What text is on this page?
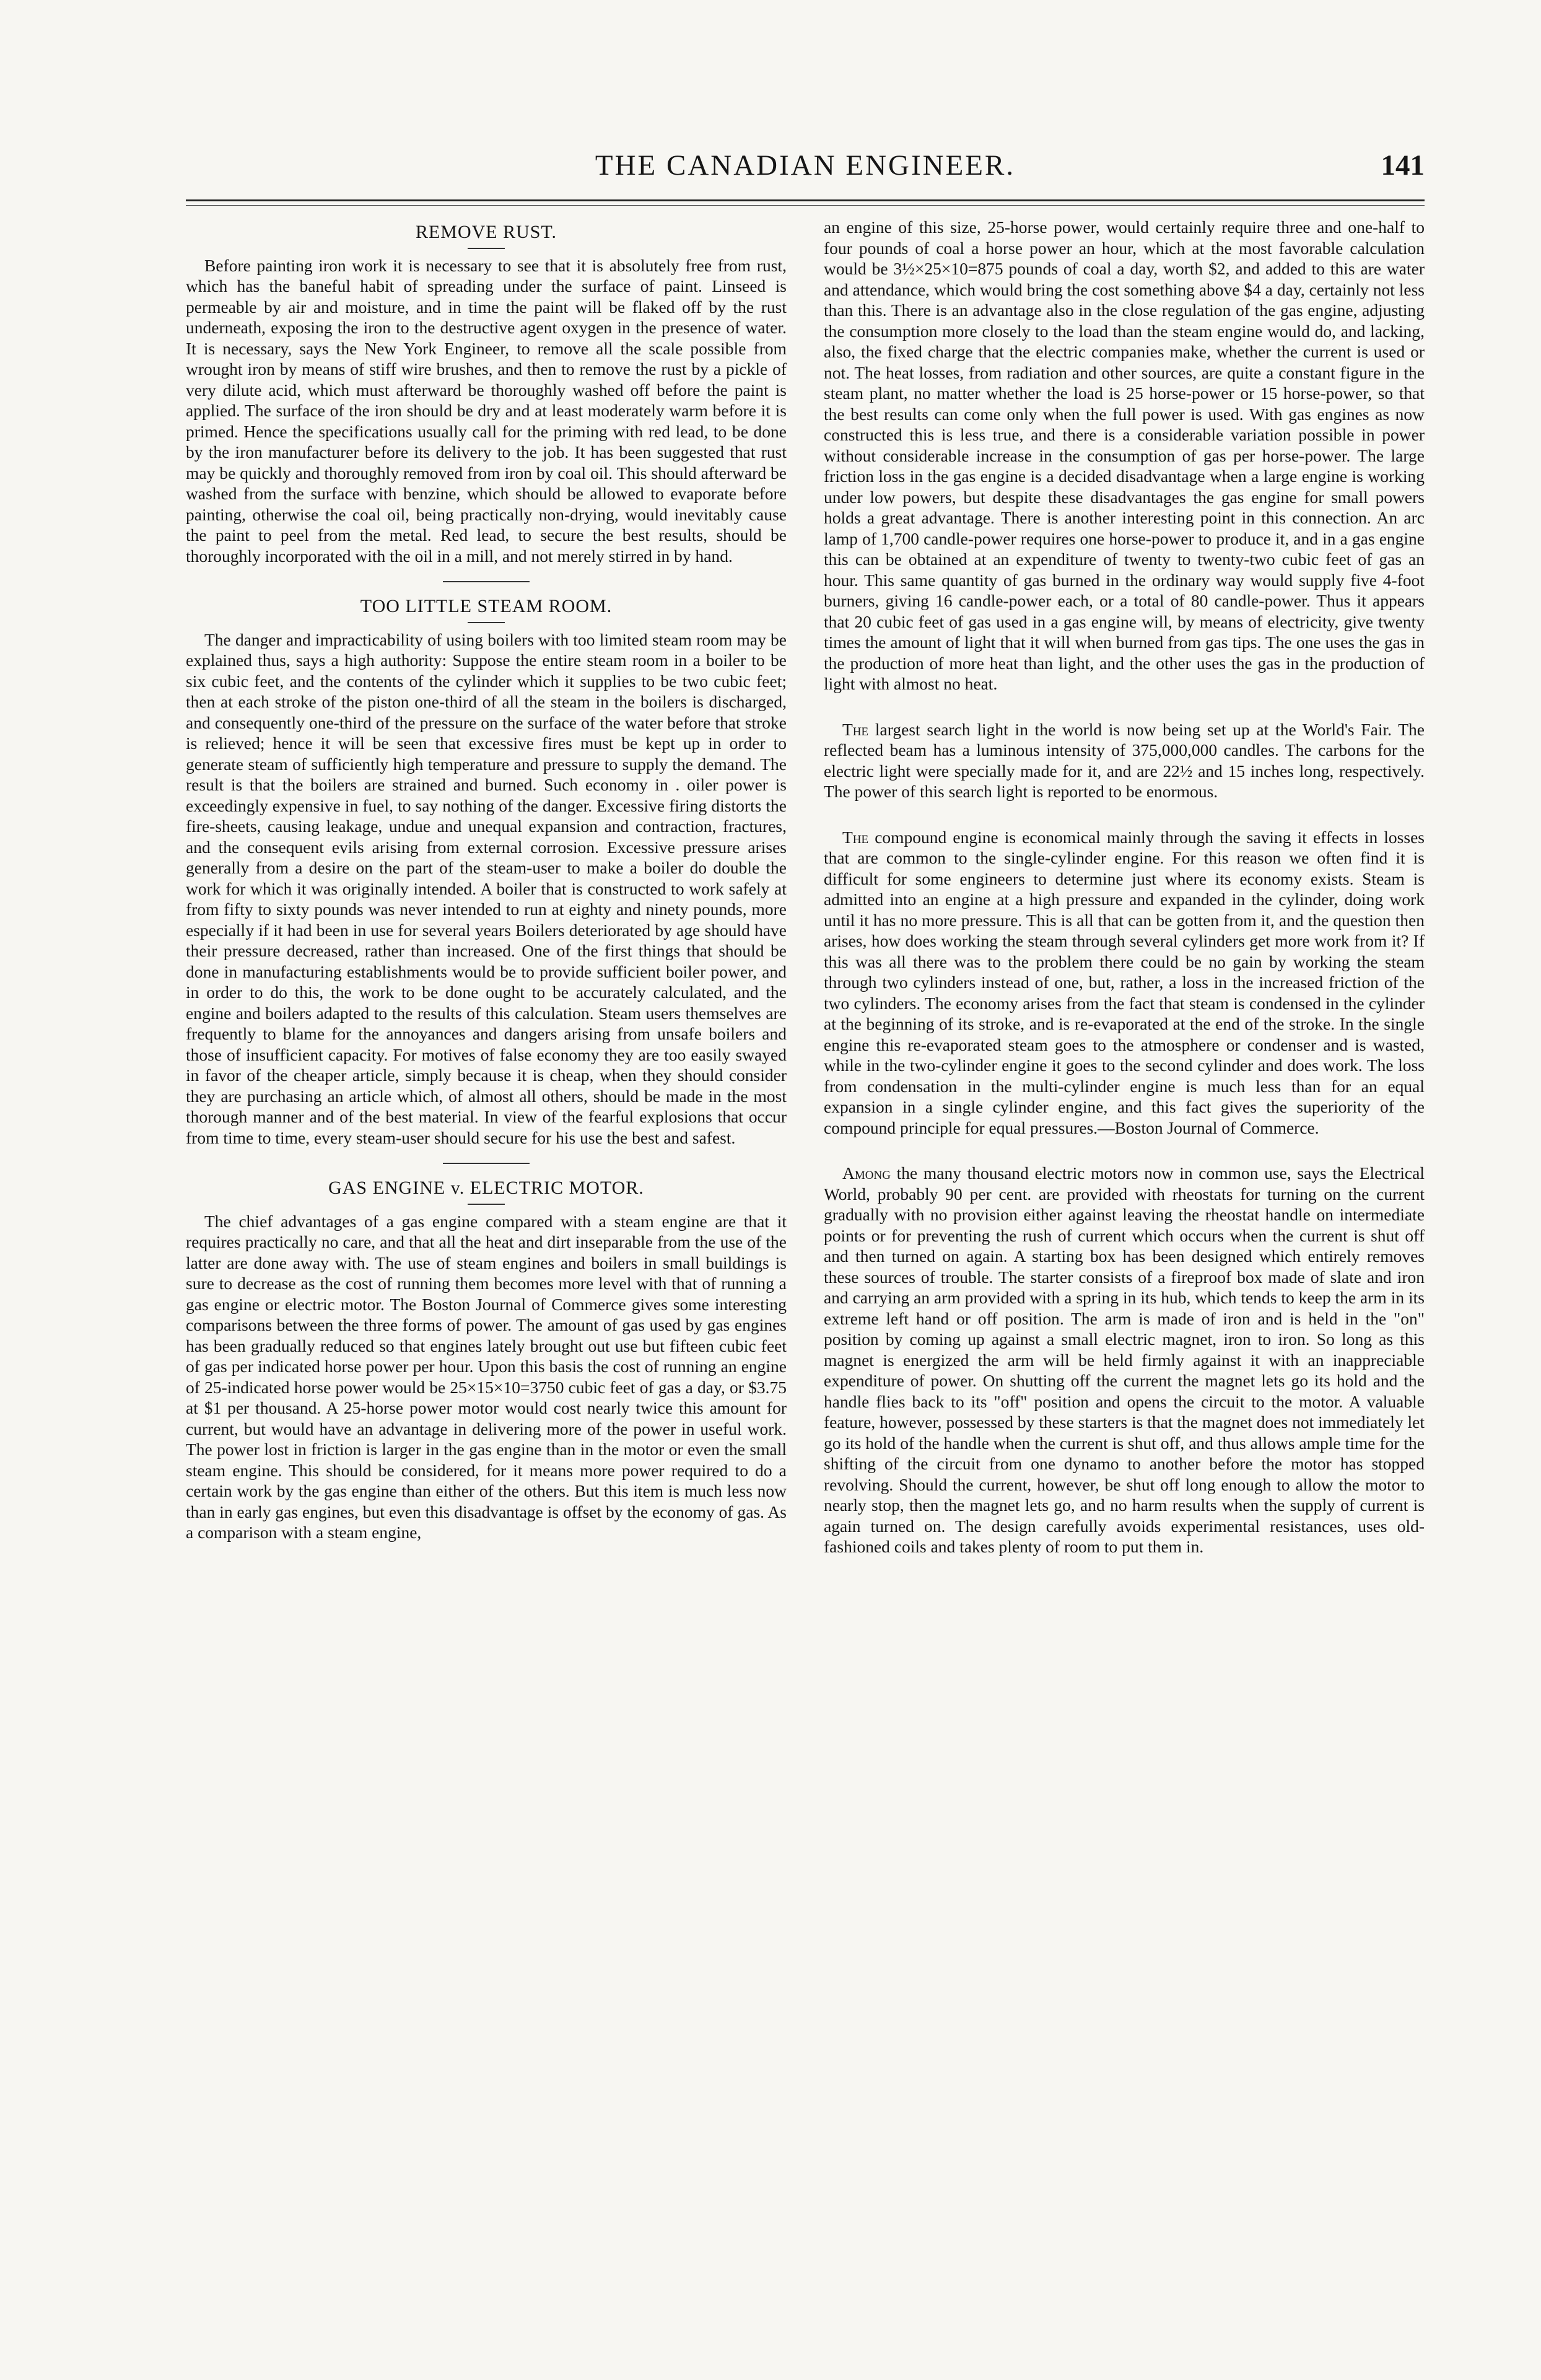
THE CANADIAN ENGINEER.	141
REMOVE RUST.

Before painting iron work it is necessary to see that it is absolutely free from rust, which has the baneful habit of spreading under the surface of paint. Linseed is permeable by air and moisture, and in time the paint will be flaked off by the rust underneath, exposing the iron to the destructive agent oxygen in the presence of water. It is necessary, says the New York Engineer, to remove all the scale possible from wrought iron by means of stiff wire brushes, and then to remove the rust by a pickle of very dilute acid, which must afterward be thoroughly washed off before the paint is applied. The surface of the iron should be dry and at least moderately warm before it is primed. Hence the specifications usually call for the priming with red lead, to be done by the iron manufacturer before its delivery to the job. It has been suggested that rust may be quickly and thoroughly removed from iron by coal oil. This should afterward be washed from the surface with benzine, which should be allowed to evaporate before painting, otherwise the coal oil, being practically non-drying, would inevitably cause the paint to peel from the metal. Red lead, to secure the best results, should be thoroughly incorporated with the oil in a mill, and not merely stirred in by hand.

TOO LITTLE STEAM ROOM.

The danger and impracticability of using boilers with too limited steam room may be explained thus, says a high authority: Suppose the entire steam room in a boiler to be six cubic feet, and the contents of the cylinder which it supplies to be two cubic feet; then at each stroke of the piston one-third of all the steam in the boilers is discharged, and consequently one-third of the pressure on the surface of the water before that stroke is relieved; hence it will be seen that excessive fires must be kept up in order to generate steam of sufficiently high temperature and pressure to supply the demand. The result is that the boilers are strained and burned. Such economy in . oiler power is exceedingly expensive in fuel, to say nothing of the danger. Excessive firing distorts the fire-sheets, causing leakage, undue and unequal expansion and contraction, fractures, and the consequent evils arising from external corrosion. Excessive pressure arises generally from a desire on the part of the steam-user to make a boiler do double the work for which it was originally intended. A boiler that is constructed to work safely at from fifty to sixty pounds was never intended to run at eighty and ninety pounds, more especially if it had been in use for several years Boilers deteriorated by age should have their pressure decreased, rather than increased. One of the first things that should be done in manufacturing establishments would be to provide sufficient boiler power, and in order to do this, the work to be done ought to be accurately calculated, and the engine and boilers adapted to the results of this calculation. Steam users themselves are frequently to blame for the annoyances and dangers arising from unsafe boilers and those of insufficient capacity. For motives of false economy they are too easily swayed in favor of the cheaper article, simply because it is cheap, when they should consider they are purchasing an article which, of almost all others, should be made in the most thorough manner and of the best material. In view of the fearful explosions that occur from time to time, every steam-user should secure for his use the best and safest.

GAS ENGINE v. ELECTRIC MOTOR.

The chief advantages of a gas engine compared with a steam engine are that it requires practically no care, and that all the heat and dirt inseparable from the use of the latter are done away with. The use of steam engines and boilers in small buildings is sure to decrease as the cost of running them becomes more level with that of running a gas engine or electric motor. The Boston Journal of Commerce gives some interesting comparisons between the three forms of power. The amount of gas used by gas engines has been gradually reduced so that engines lately brought out use but fifteen cubic feet of gas per indicated horse power per hour. Upon this basis the cost of running an engine of 25-indicated horse power would be 25×15×10=3750 cubic feet of gas a day, or $3.75 at $1 per thousand. A 25-horse power motor would cost nearly twice this amount for current, but would have an advantage in delivering more of the power in useful work. The power lost in friction is larger in the gas engine than in the motor or even the small steam engine. This should be considered, for it means more power required to do a certain work by the gas engine than either of the others. But this item is much less now than in early gas engines, but even this disadvantage is offset by the economy of gas. As a comparison with a steam engine,

an engine of this size, 25-horse power, would certainly require three and one-half to four pounds of coal a horse power an hour, which at the most favorable calculation would be 3½×25×10=875 pounds of coal a day, worth $2, and added to this are water and attendance, which would bring the cost something above $4 a day, certainly not less than this. There is an advantage also in the close regulation of the gas engine, adjusting the consumption more closely to the load than the steam engine would do, and lacking, also, the fixed charge that the electric companies make, whether the current is used or not. The heat losses, from radiation and other sources, are quite a constant figure in the steam plant, no matter whether the load is 25 horse-power or 15 horse-power, so that the best results can come only when the full power is used. With gas engines as now constructed this is less true, and there is a considerable variation possible in power without considerable increase in the consumption of gas per horse-power. The large friction loss in the gas engine is a decided disadvantage when a large engine is working under low powers, but despite these disadvantages the gas engine for small powers holds a great advantage. There is another interesting point in this connection. An arc lamp of 1,700 candle-power requires one horse-power to produce it, and in a gas engine this can be obtained at an expenditure of twenty to twenty-two cubic feet of gas an hour. This same quantity of gas burned in the ordinary way would supply five 4-foot burners, giving 16 candle-power each, or a total of 80 candle-power. Thus it appears that 20 cubic feet of gas used in a gas engine will, by means of electricity, give twenty times the amount of light that it will when burned from gas tips. The one uses the gas in the production of more heat than light, and the other uses the gas in the production of light with almost no heat.

The largest search light in the world is now being set up at the World's Fair. The reflected beam has a luminous intensity of 375,000,000 candles. The carbons for the electric light were specially made for it, and are 22½ and 15 inches long, respectively. The power of this search light is reported to be enormous.

The compound engine is economical mainly through the saving it effects in losses that are common to the single-cylinder engine. For this reason we often find it is difficult for some engineers to determine just where its economy exists. Steam is admitted into an engine at a high pressure and expanded in the cylinder, doing work until it has no more pressure. This is all that can be gotten from it, and the question then arises, how does working the steam through several cylinders get more work from it? If this was all there was to the problem there could be no gain by working the steam through two cylinders instead of one, but, rather, a loss in the increased friction of the two cylinders. The economy arises from the fact that steam is condensed in the cylinder at the beginning of its stroke, and is re-evaporated at the end of the stroke. In the single engine this re-evaporated steam goes to the atmosphere or condenser and is wasted, while in the two-cylinder engine it goes to the second cylinder and does work. The loss from condensation in the multi-cylinder engine is much less than for an equal expansion in a single cylinder engine, and this fact gives the superiority of the compound principle for equal pressures.—Boston Journal of Commerce.

Among the many thousand electric motors now in common use, says the Electrical World, probably 90 per cent. are provided with rheostats for turning on the current gradually with no provision either against leaving the rheostat handle on intermediate points or for preventing the rush of current which occurs when the current is shut off and then turned on again. A starting box has been designed which entirely removes these sources of trouble. The starter consists of a fireproof box made of slate and iron and carrying an arm provided with a spring in its hub, which tends to keep the arm in its extreme left hand or off position. The arm is made of iron and is held in the "on" position by coming up against a small electric magnet, iron to iron. So long as this magnet is energized the arm will be held firmly against it with an inappreciable expenditure of power. On shutting off the current the magnet lets go its hold and the handle flies back to its "off" position and opens the circuit to the motor. A valuable feature, however, possessed by these starters is that the magnet does not immediately let go its hold of the handle when the current is shut off, and thus allows ample time for the shifting of the circuit from one dynamo to another before the motor has stopped revolving. Should the current, however, be shut off long enough to allow the motor to nearly stop, then the magnet lets go, and no harm results when the supply of current is again turned on. The design carefully avoids experimental resistances, uses old-fashioned coils and takes plenty of room to put them in.
